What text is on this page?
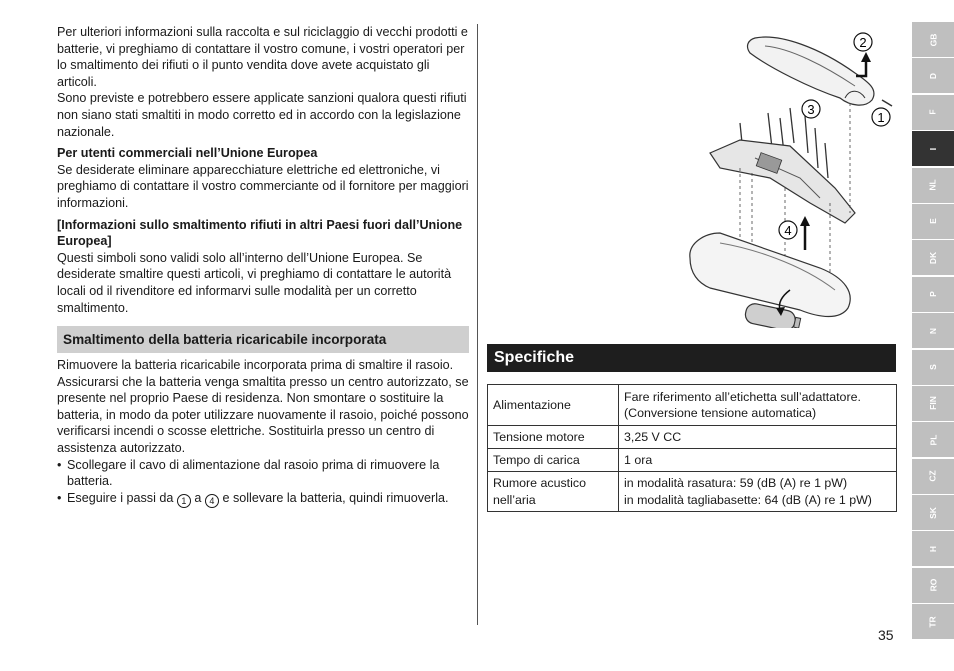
Per ulteriori informazioni sulla raccolta e sul riciclaggio di vecchi prodotti e batterie, vi preghiamo di contattare il vostro comune, i vostri operatori per lo smaltimento dei rifiuti o il punto vendita dove avete acquistato gli articoli.

Sono previste e potrebbero essere applicate sanzioni qualora questi rifiuti non siano stati smaltiti in modo corretto ed in accordo con la legislazione nazionale.

Per utenti commerciali nell’Unione Europea

Se desiderate eliminare apparecchiature elettriche ed elettroniche, vi preghiamo di contattare il vostro commerciante od il fornitore per maggiori informazioni.

[Informazioni sullo smaltimento rifiuti in altri Paesi fuori dall’Unione Europea]

Questi simboli sono validi solo all’interno dell’Unione Europea. Se desiderate smaltire questi articoli, vi preghiamo di contattare le autorità locali od il rivenditore ed informarvi sulle modalità per un corretto smaltimento.

Smaltimento della batteria ricaricabile incorporata

Rimuovere la batteria ricaricabile incorporata prima di smaltire il rasoio. Assicurarsi che la batteria venga smaltita presso un centro autorizzato, se presente nel proprio Paese di residenza. Non smontare o sostituire la batteria, in modo da poter utilizzare nuovamente il rasoio, poiché possono verificarsi incendi o scosse elettriche. Sostituirla presso un centro di assistenza autorizzato.

• Scollegare il cavo di alimentazione dal rasoio prima di rimuovere la batteria.
• Eseguire i passi da 1 a 4 e sollevare la batteria, quindi rimuoverla.
2
1
3
4
Specifiche
Alimentazione	Fare riferimento all’etichetta sull’adattatore.
(Conversione tensione automatica)
Tensione motore	3,25 V CC
Tempo di carica	1 ora
Rumore acustico nell’aria	in modalità rasatura: 59 (dB (A) re 1 pW)
in modalità tagliabasette: 64 (dB (A) re 1 pW)
GB
D
F
I
NL
E
DK
P
N
S
FIN
PL
CZ
SK
H
RO
TR
35
